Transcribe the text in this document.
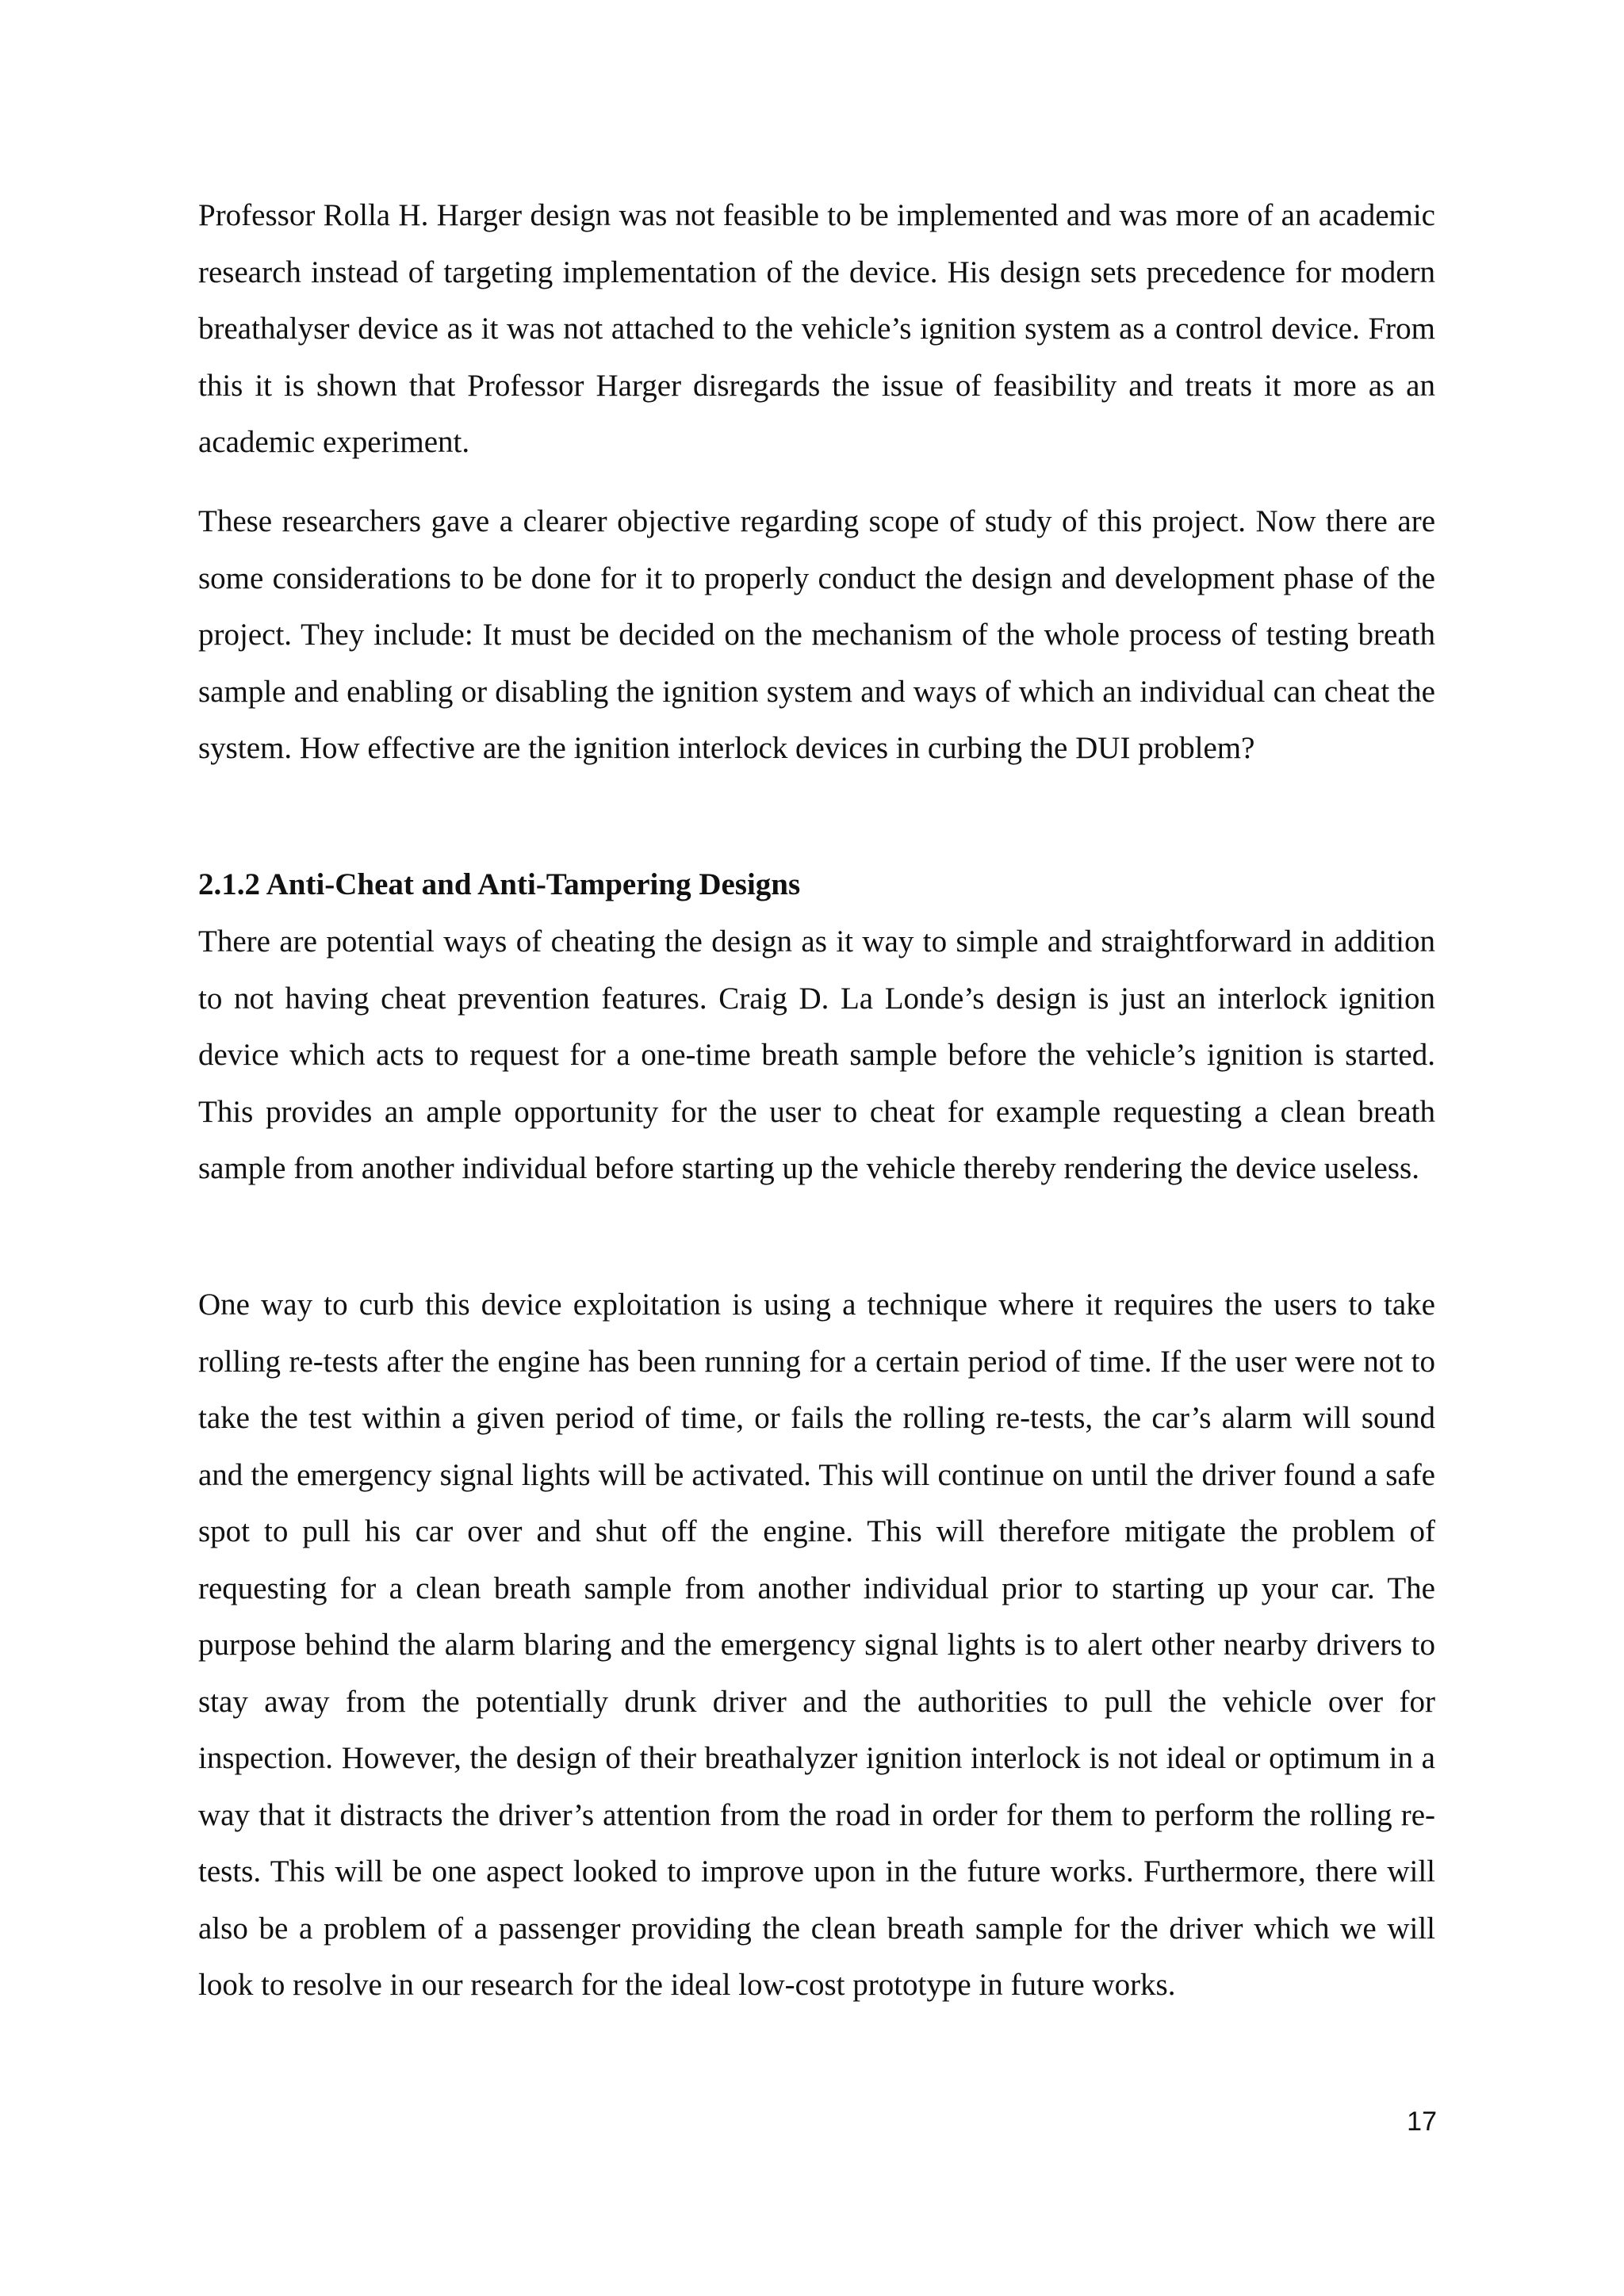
Professor Rolla H. Harger design was not feasible to be implemented and was more of an academic research instead of targeting implementation of the device. His design sets precedence for modern breathalyser device as it was not attached to the vehicle’s ignition system as a control device. From this it is shown that Professor Harger disregards the issue of feasibility and treats it more as an academic experiment.

These researchers gave a clearer objective regarding scope of study of this project. Now there are some considerations to be done for it to properly conduct the design and development phase of the project. They include: It must be decided on the mechanism of the whole process of testing breath sample and enabling or disabling the ignition system and ways of which an individual can cheat the system. How effective are the ignition interlock devices in curbing the DUI problem?

2.1.2 Anti-Cheat and Anti-Tampering Designs

There are potential ways of cheating the design as it way to simple and straightforward in addition to not having cheat prevention features. Craig D. La Londe’s design is just an interlock ignition device which acts to request for a one-time breath sample before the vehicle’s ignition is started. This provides an ample opportunity for the user to cheat for example requesting a clean breath sample from another individual before starting up the vehicle thereby rendering the device useless.

One way to curb this device exploitation is using a technique where it requires the users to take rolling re-tests after the engine has been running for a certain period of time. If the user were not to take the test within a given period of time, or fails the rolling re-tests, the car’s alarm will sound and the emergency signal lights will be activated. This will continue on until the driver found a safe spot to pull his car over and shut off the engine. This will therefore mitigate the problem of requesting for a clean breath sample from another individual prior to starting up your car. The purpose behind the alarm blaring and the emergency signal lights is to alert other nearby drivers to stay away from the potentially drunk driver and the authorities to pull the vehicle over for inspection. However, the design of their breathalyzer ignition interlock is not ideal or optimum in a way that it distracts the driver’s attention from the road in order for them to perform the rolling re-tests. This will be one aspect looked to improve upon in the future works. Furthermore, there will also be a problem of a passenger providing the clean breath sample for the driver which we will look to resolve in our research for the ideal low-cost prototype in future works.

17
